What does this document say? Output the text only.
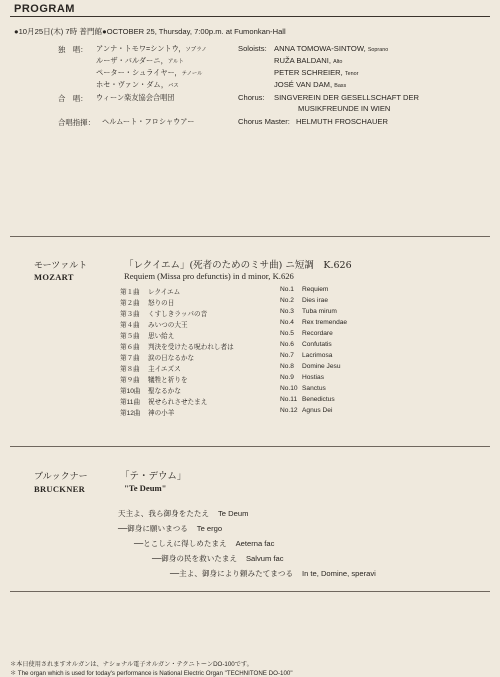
PROGRAM
●10月25日(木) 7時 普門館●OCTOBER 25, Thursday, 7:00p.m. at Fumonkan-Hall
独　唱：	Soloists:
アンナ・トモワ=シントウ，ソプラノ	ANNA TOMOWA-SINTOW, Soprano
ルーザ・バルダーニ，アルト	RUŽA BALDANI, Alto
ペーター・シュライヤー，テノール	PETER SCHREIER, Tenor
ホセ・ヴァン・ダム，バス	JOSÉ VAN DAM, Bass
合　唱： ウィーン楽友協会合唱団	Chorus: SINGVEREIN DER GESELLSCHAFT DER
MUSIKFREUNDE IN WIEN
合唱指揮： ヘルムート・フロシャウアー	Chorus Master: HELMUTH FROSCHAUER
モーツァルト
MOZART
「レクイエム」(死者のためのミサ曲) ニ短調　K.626
Requiem (Missa pro defunctis) in d minor, K.626
第１曲 レクイエム	No.1 Requiem
第２曲 怒りの日	No.2 Dies irae
第３曲 くすしきラッパの音	No.3 Tuba mirum
第４曲 みいつの大王	No.4 Rex tremendae
第５曲 思い給え	No.5 Recordare
第６曲 判決を受けたる呪われし者は	No.6 Confutatis
第７曲 涙の日なるかな	No.7 Lacrimosa
第８曲 主イエズス	No.8 Domine Jesu
第９曲 犠牲と祈りを	No.9 Hostias
第10曲 聖なるかな	No.10 Sanctus
第11曲 祝せられさせたまえ	No.11 Benedictus
第12曲 神の小羊	No.12 Agnus Dei
ブルックナー
BRUCKNER
「テ・デウム」
"Te Deum"
天主よ、我ら御身をたたえ Te Deum
──御身に願いまつる Te ergo
──とこしえに得しめたまえ Aeterna fac
──御身の民を救いたまえ Salvum fac
──主よ、御身により頼みたてまつる In te, Domine, speravi
＊本日使用されますオルガンは、ナショナル電子オルガン・テクニトーンDO-100です。
＊ The organ which is used for today's performance is National Electric Organ "TECHNITONE DO-100"
